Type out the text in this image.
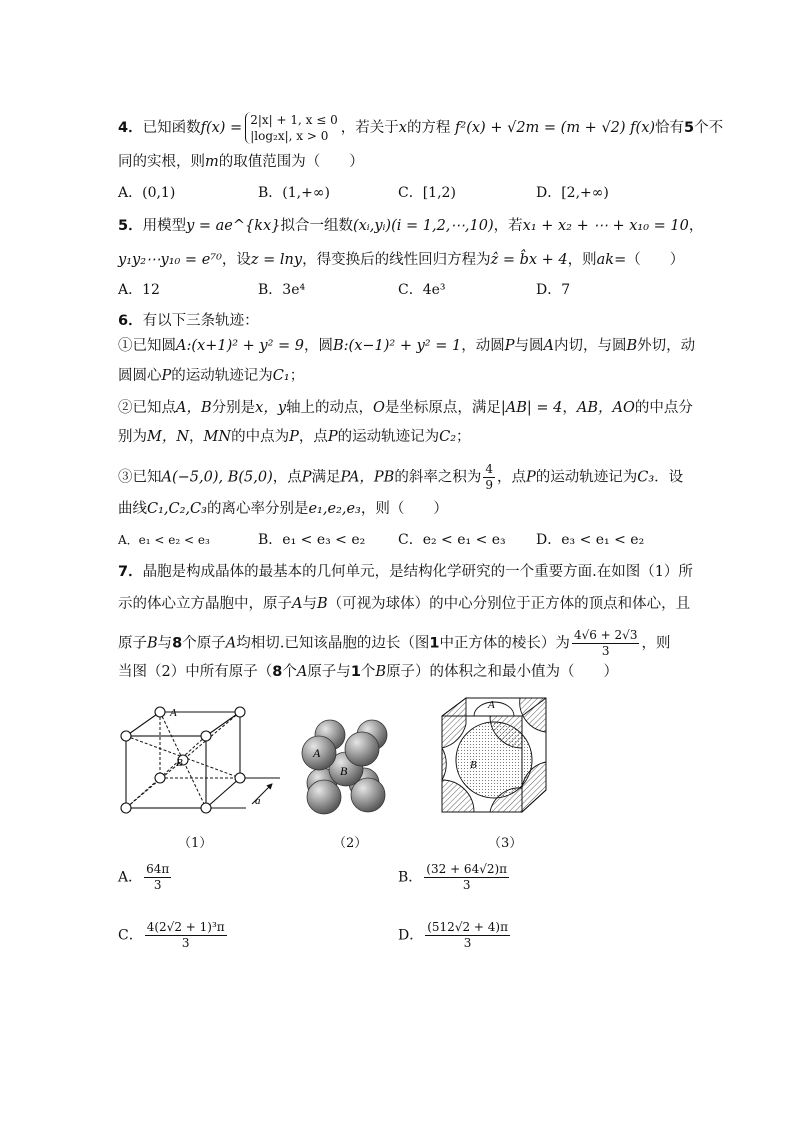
4．已知函数f(x) = 2|x| + 1, x ≤ 0
|log₂x|, x > 0 ，若关于x的方程 f²(x) + √2m = (m + √2) f(x)恰有5个不
同的实根，则m的取值范围为（　　）
A．(0,1)	B．(1,+∞)	C．[1,2)	D．[2,+∞)
5．用模型y = ae^{kx}拟合一组数(xᵢ,yᵢ)(i = 1,2,⋯,10)，若x₁ + x₂ + ⋯ + x₁₀ = 10，
y₁y₂⋯y₁₀ = e⁷⁰，设z = lny，得变换后的线性回归方程为ẑ = b̂x + 4，则ak=（　　）
A．12	B．3e⁴	C．4e³	D．7
6．有以下三条轨迹：
①已知圆A:(x+1)² + y² = 9，圆B:(x−1)² + y² = 1，动圆P与圆A内切，与圆B外切，动
圆圆心P的运动轨迹记为C₁；
②已知点A，B分别是x，y轴上的动点，O是坐标原点，满足|AB| = 4，AB，AO的中点分
别为M，N，MN的中点为P，点P的运动轨迹记为C₂；
③已知A(−5,0), B(5,0)，点P满足PA，PB的斜率之积为 $\frac{4}{9}$ ，点P的运动轨迹记为C₃．设
曲线C₁,C₂,C₃的离心率分别是e₁,e₂,e₃，则（　　）
A．e₁ < e₂ < e₃	B．e₁ < e₃ < e₂ C．e₂ < e₁ < e₃ D．e₃ < e₁ < e₂
7．晶胞是构成晶体的最基本的几何单元，是结构化学研究的一个重要方面.在如图（1）所
示的体心立方晶胞中，原子A与B（可视为球体）的中心分别位于正方体的顶点和体心，且
原子B与8个原子A均相切.已知该晶胞的边长（图1中正方体的棱长）为 $\frac{4√6 + 2√3}{3}$ ，则
当图（2）中所有原子（8个A原子与1个B原子）的体积之和最小值为（　　）
A
B
a
A
B
A
B
（1）	（2）	（3）
A． $\frac{64\pi}{3}$	B． $\frac{(32 + 64√2)\pi}{3}$
C． $\frac{\text{4(2√2 + 1)³π}}{3}$	D． $\frac{(512√2 + 4)\pi}{3}$
